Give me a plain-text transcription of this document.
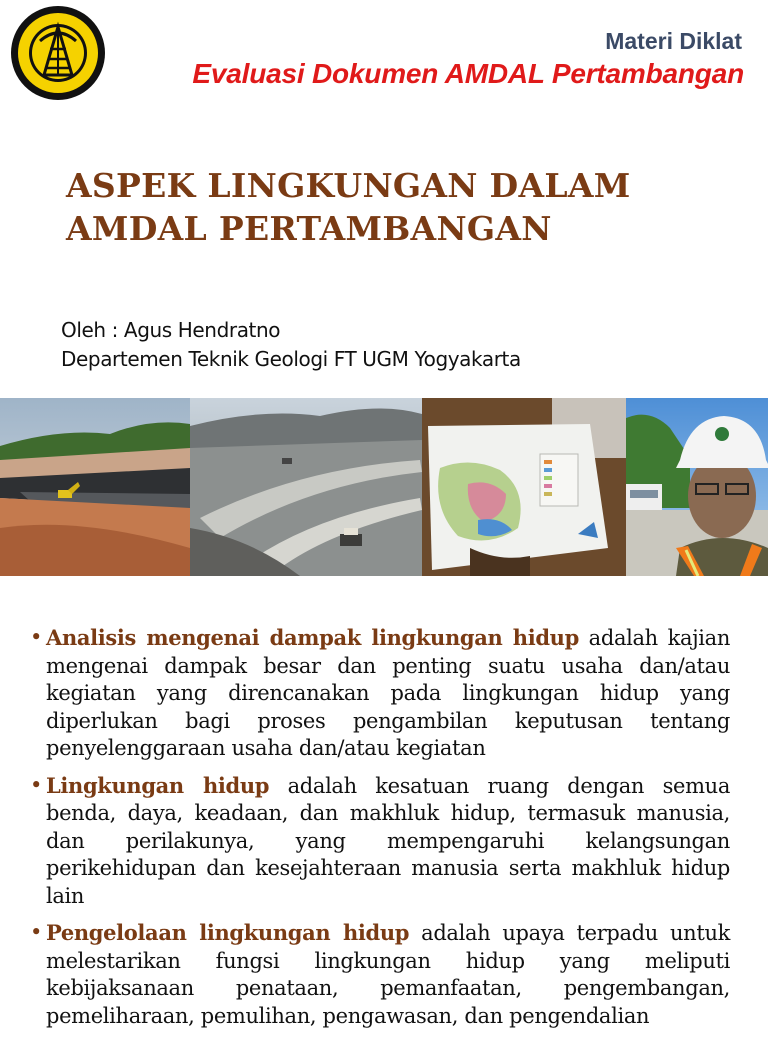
Materi Diklat
Evaluasi Dokumen AMDAL Pertambangan
ASPEK LINGKUNGAN DALAM
AMDAL PERTAMBANGAN
Oleh : Agus Hendratno
Departemen Teknik Geologi FT UGM Yogyakarta
• Analisis mengenai dampak lingkungan hidup adalah kajian mengenai dampak besar dan penting suatu usaha dan/atau kegiatan yang direncanakan pada lingkungan hidup yang diperlukan bagi proses pengambilan keputusan tentang penyelenggaraan usaha dan/atau kegiatan
• Lingkungan hidup adalah kesatuan ruang dengan semua benda, daya, keadaan, dan makhluk hidup, termasuk manusia, dan perilakunya, yang mempengaruhi kelangsungan perikehidupan dan kesejahteraan manusia serta makhluk hidup lain
• Pengelolaan lingkungan hidup adalah upaya terpadu untuk melestarikan fungsi lingkungan hidup yang meliputi kebijaksanaan penataan, pemanfaatan, pengembangan, pemeliharaan, pemulihan, pengawasan, dan pengendalian
